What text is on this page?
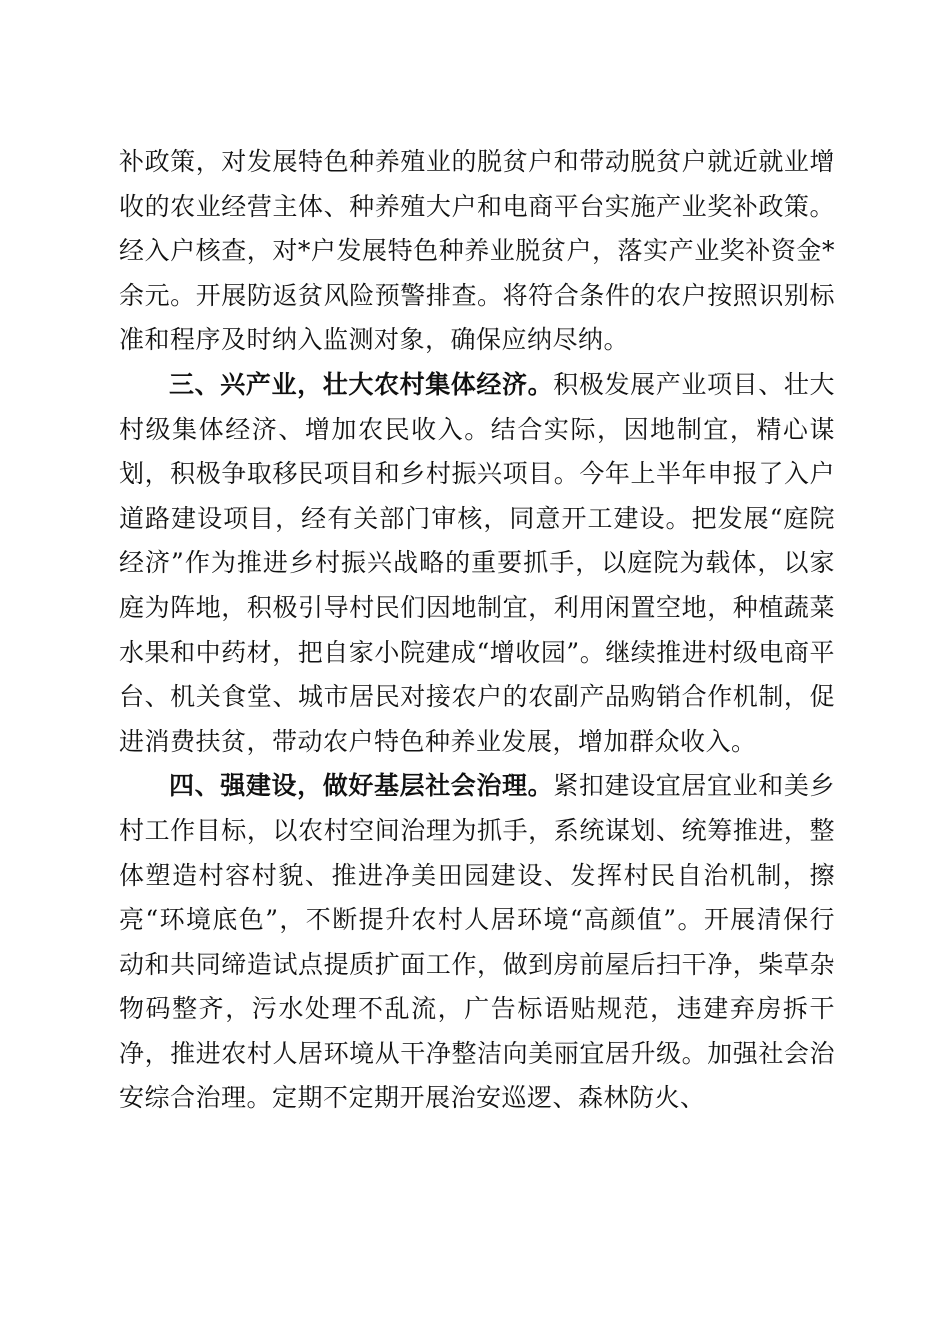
补政策，对发展特色种养殖业的脱贫户和带动脱贫户就近就业增收的农业经营主体、种养殖大户和电商平台实施产业奖补政策。经入户核查，对*户发展特色种养业脱贫户，落实产业奖补资金*余元。开展防返贫风险预警排查。将符合条件的农户按照识别标准和程序及时纳入监测对象，确保应纳尽纳。

三、兴产业，壮大农村集体经济。积极发展产业项目、壮大村级集体经济、增加农民收入。结合实际，因地制宜，精心谋划，积极争取移民项目和乡村振兴项目。今年上半年申报了入户道路建设项目，经有关部门审核，同意开工建设。把发展“庭院经济”作为推进乡村振兴战略的重要抓手，以庭院为载体，以家庭为阵地，积极引导村民们因地制宜，利用闲置空地，种植蔬菜水果和中药材，把自家小院建成“增收园”。继续推进村级电商平台、机关食堂、城市居民对接农户的农副产品购销合作机制，促进消费扶贫，带动农户特色种养业发展，增加群众收入。

四、强建设，做好基层社会治理。紧扣建设宜居宜业和美乡村工作目标，以农村空间治理为抓手，系统谋划、统筹推进，整体塑造村容村貌、推进净美田园建设、发挥村民自治机制，擦亮“环境底色”，不断提升农村人居环境“高颜值”。开展清保行动和共同缔造试点提质扩面工作，做到房前屋后扫干净，柴草杂物码整齐，污水处理不乱流，广告标语贴规范，违建弃房拆干净，推进农村人居环境从干净整洁向美丽宜居升级。加强社会治安综合治理。定期不定期开展治安巡逻、森林防火、
